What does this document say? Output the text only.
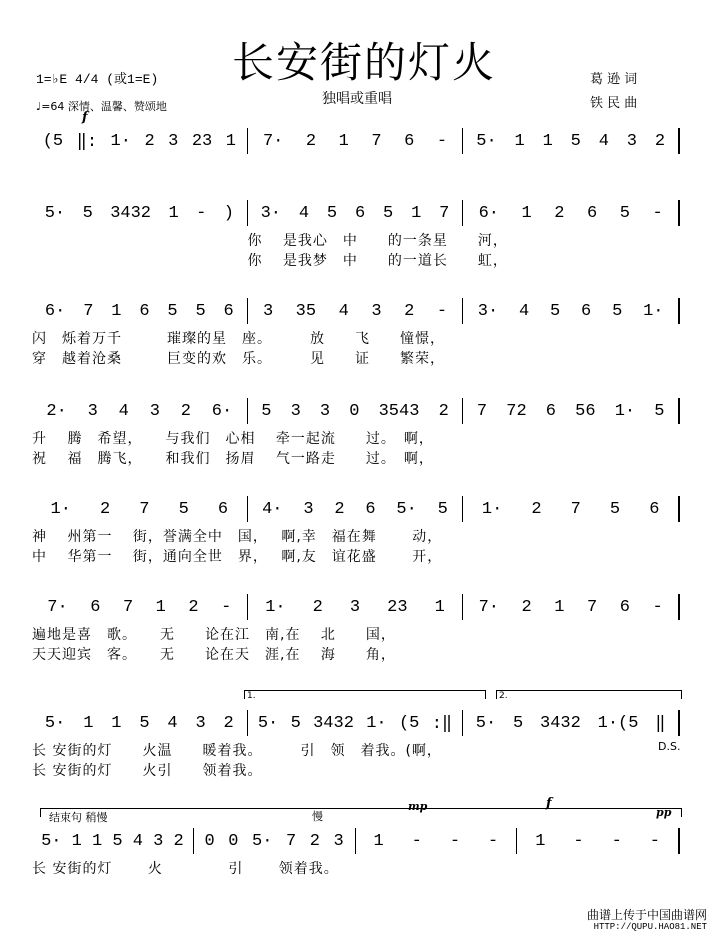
长安街的灯火
独唱或重唱
1=♭E 4/4 (或1=E)
♩=64 深情、温馨、赞颂地
葛 逊 词
铁 民 曲
(5 ‖: 1· 2 3 23 1 7· 2 1 7 6 - 5· 1 1 5 4 3 2
5· 5 3432 1 - ) 3· 4 5 6 5 1 7 6· 1 2 6 5 -
　　　　　　　　　　　　　　 你　 是我心　中　　的一条星　　河，
　　　　　　　　　　　　　　 你　 是我梦　中　　的一道长　　虹，
6· 7 1 6 5 5 6 3 35 4 3 2 - 3· 4 5 6 5 1·
闪　烁着万千　　　璀璨的星　座。　　　放　　飞　　憧憬，
穿　越着沧桑　　　巨变的欢　乐。　　　见　　证　　繁荣，
2· 3 4 3 2 6· 5 3 3 0 3543 2 7 72 6 56 1· 5
升　 腾　希望，　　与我们　心相　 牵一起流　　过。　啊，
祝　 福　腾飞，　　和我们　扬眉　 气一路走　　过。　啊，
1· 2 7 5 6 4· 3 2 6 5· 5 1· 2 7 5 6
神　 州第一　 街，誉满全中　国，　 啊,幸　福在舞　　 动，
中　 华第一　 街，通向全世　界，　 啊,友　谊花盛　　 开，
7· 6 7 1 2 - 1· 2 3 23 1 7· 2 1 7 6 -
遍地是喜　歌。　　无　　论在江　南,在　 北　　国，
天天迎宾　客。　　无　　论在天　涯,在　 海　　角，
5· 1 1 5 4 3 2 5· 5 3432 1· (5 :‖ 5· 5 3432 1·(5 ‖
长 安街的灯　　火温　　暖着我。　　　引　领　着我。(啊，
长 安街的灯　　火引　　领着我。
5· 1 1 5 4 3 2 0 0 5· 7 2 3 1 - - - 1 - - -
长 安街的灯　　 火　　　　 引　　 领着我。
f
1.	2.
D.S.
结束句 稍慢	慢
mp	f
pp
曲谱上传于中国曲谱网
HTTP://QUPU.HAO81.NET
